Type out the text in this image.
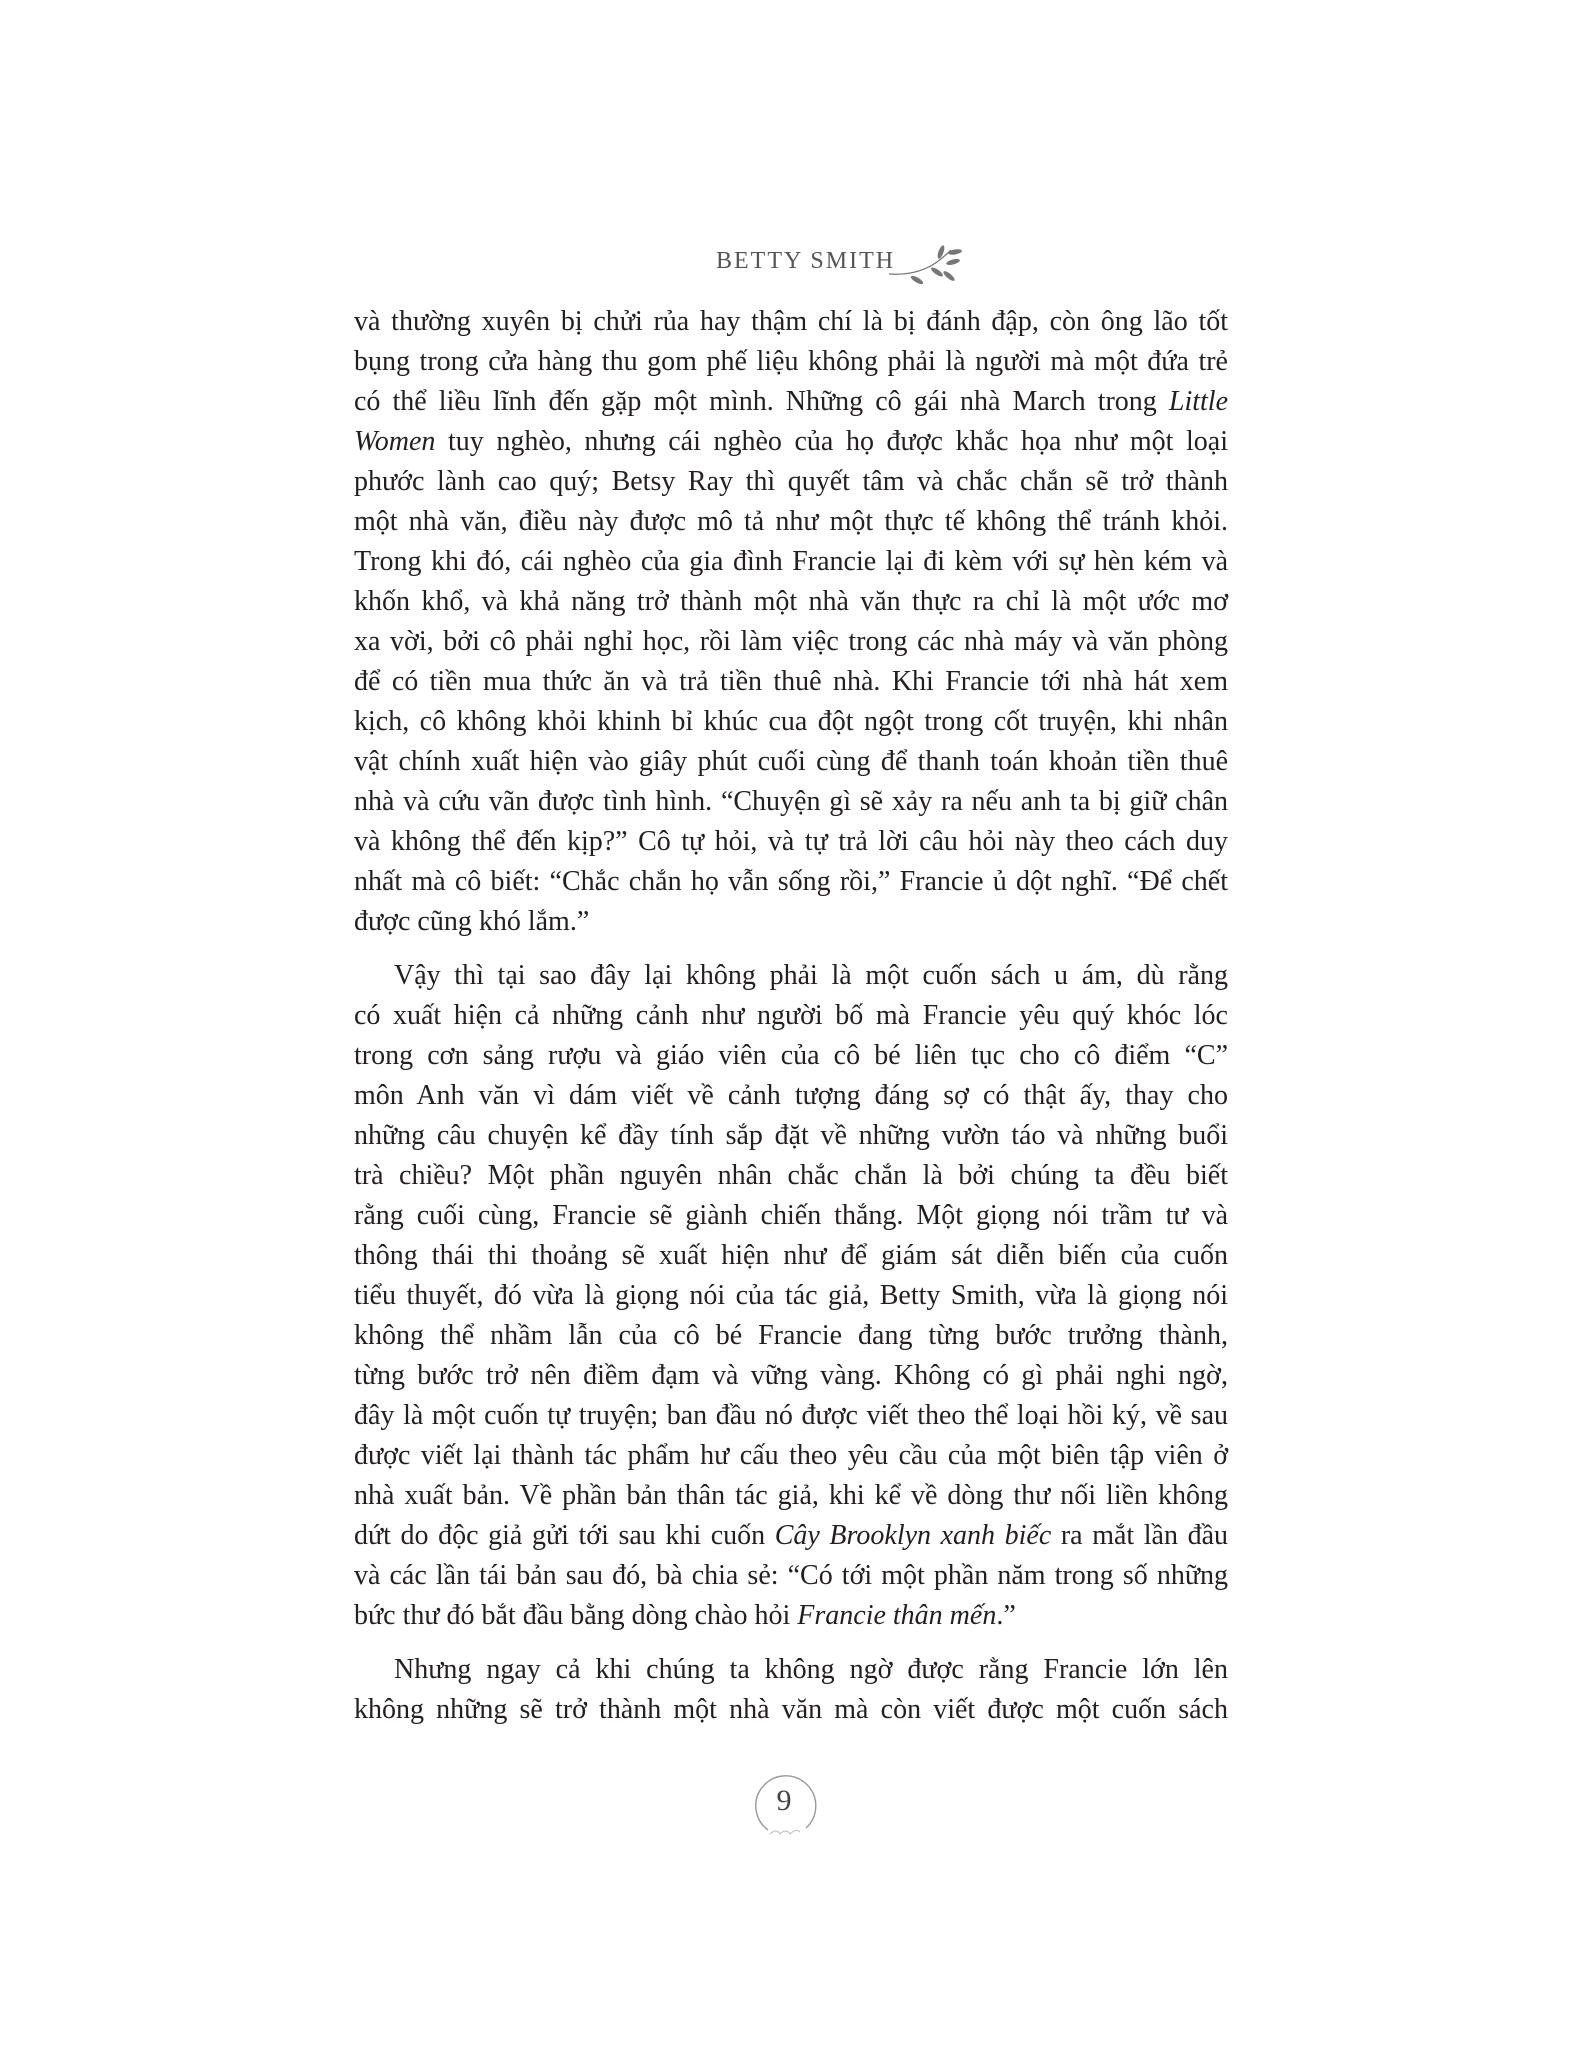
BETTY SMITH
và thường xuyên bị chửi rủa hay thậm chí là bị đánh đập, còn ông lão tốt
bụng trong cửa hàng thu gom phế liệu không phải là người mà một đứa trẻ
có thể liều lĩnh đến gặp một mình. Những cô gái nhà March trong Little
Women tuy nghèo, nhưng cái nghèo của họ được khắc họa như một loại
phước lành cao quý; Betsy Ray thì quyết tâm và chắc chắn sẽ trở thành
một nhà văn, điều này được mô tả như một thực tế không thể tránh khỏi.
Trong khi đó, cái nghèo của gia đình Francie lại đi kèm với sự hèn kém và
khốn khổ, và khả năng trở thành một nhà văn thực ra chỉ là một ước mơ
xa vời, bởi cô phải nghỉ học, rồi làm việc trong các nhà máy và văn phòng
để có tiền mua thức ăn và trả tiền thuê nhà. Khi Francie tới nhà hát xem
kịch, cô không khỏi khinh bỉ khúc cua đột ngột trong cốt truyện, khi nhân
vật chính xuất hiện vào giây phút cuối cùng để thanh toán khoản tiền thuê
nhà và cứu vãn được tình hình. “Chuyện gì sẽ xảy ra nếu anh ta bị giữ chân
và không thể đến kịp?” Cô tự hỏi, và tự trả lời câu hỏi này theo cách duy
nhất mà cô biết: “Chắc chắn họ vẫn sống rồi,” Francie ủ dột nghĩ. “Để chết
được cũng khó lắm.”
Vậy thì tại sao đây lại không phải là một cuốn sách u ám, dù rằng
có xuất hiện cả những cảnh như người bố mà Francie yêu quý khóc lóc
trong cơn sảng rượu và giáo viên của cô bé liên tục cho cô điểm “C”
môn Anh văn vì dám viết về cảnh tượng đáng sợ có thật ấy, thay cho
những câu chuyện kể đầy tính sắp đặt về những vườn táo và những buổi
trà chiều? Một phần nguyên nhân chắc chắn là bởi chúng ta đều biết
rằng cuối cùng, Francie sẽ giành chiến thắng. Một giọng nói trầm tư và
thông thái thi thoảng sẽ xuất hiện như để giám sát diễn biến của cuốn
tiểu thuyết, đó vừa là giọng nói của tác giả, Betty Smith, vừa là giọng nói
không thể nhầm lẫn của cô bé Francie đang từng bước trưởng thành,
từng bước trở nên điềm đạm và vững vàng. Không có gì phải nghi ngờ,
đây là một cuốn tự truyện; ban đầu nó được viết theo thể loại hồi ký, về sau
được viết lại thành tác phẩm hư cấu theo yêu cầu của một biên tập viên ở
nhà xuất bản. Về phần bản thân tác giả, khi kể về dòng thư nối liền không
dứt do độc giả gửi tới sau khi cuốn Cây Brooklyn xanh biếc ra mắt lần đầu
và các lần tái bản sau đó, bà chia sẻ: “Có tới một phần năm trong số những
bức thư đó bắt đầu bằng dòng chào hỏi Francie thân mến.”
Nhưng ngay cả khi chúng ta không ngờ được rằng Francie lớn lên
không những sẽ trở thành một nhà văn mà còn viết được một cuốn sách
9
